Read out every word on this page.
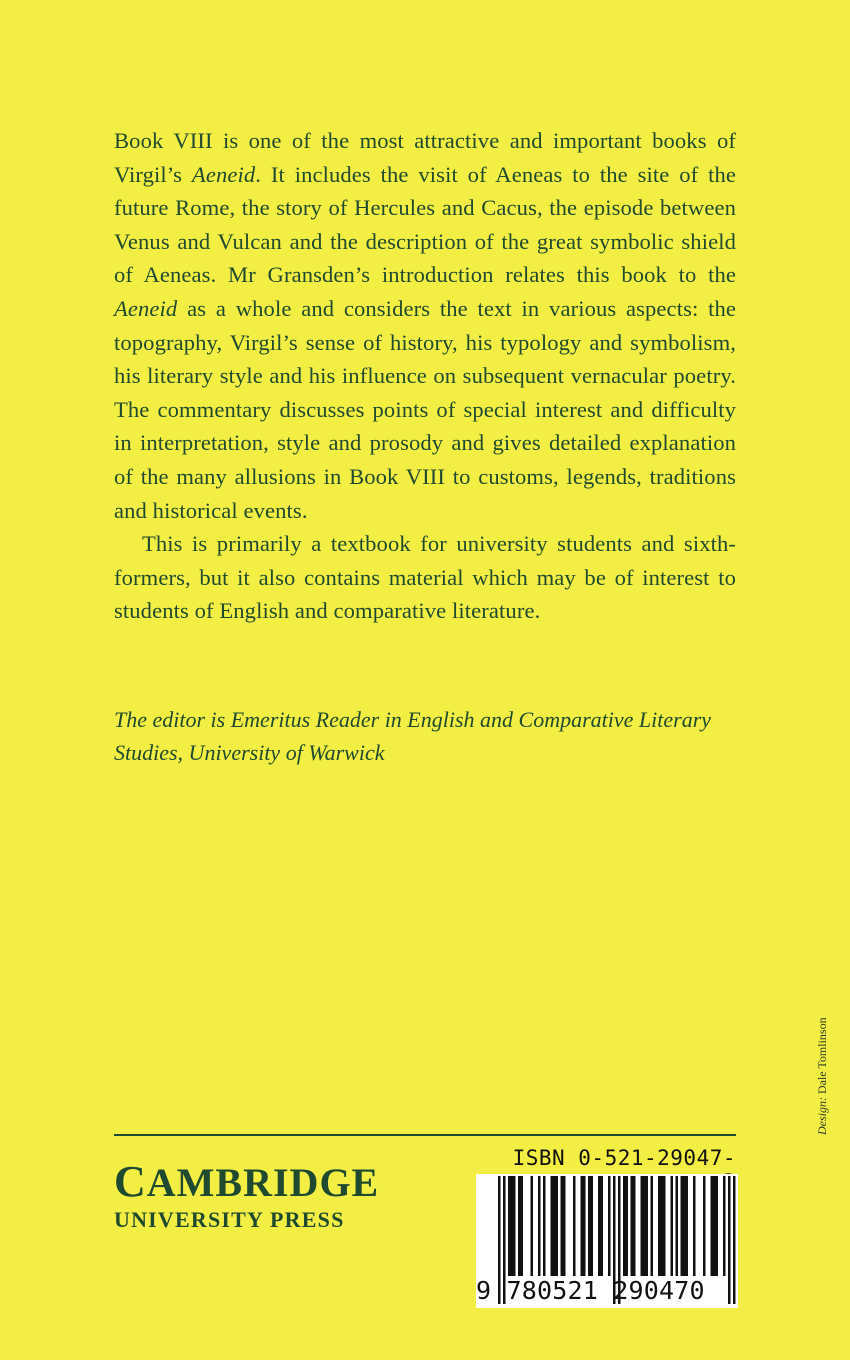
Book VIII is one of the most attractive and important books of Virgil’s Aeneid. It includes the visit of Aeneas to the site of the future Rome, the story of Hercules and Cacus, the episode between Venus and Vulcan and the description of the great symbolic shield of Aeneas. Mr Gransden’s introduction relates this book to the Aeneid as a whole and considers the text in various aspects: the topography, Virgil’s sense of history, his typology and symbolism, his literary style and his influence on subsequent vernacular poetry. The commentary discusses points of special interest and difficulty in interpretation, style and prosody and gives detailed explanation of the many allusions in Book VIII to customs, legends, traditions and historical events.

This is primarily a textbook for university students and sixth-formers, but it also contains material which may be of interest to students of English and comparative literature.

The editor is Emeritus Reader in English and Comparative Literary Studies, University of Warwick
Design: Dale Tomlinson
CAMBRIDGE
UNIVERSITY PRESS
ISBN 0-521-29047-
9 780521 290470
